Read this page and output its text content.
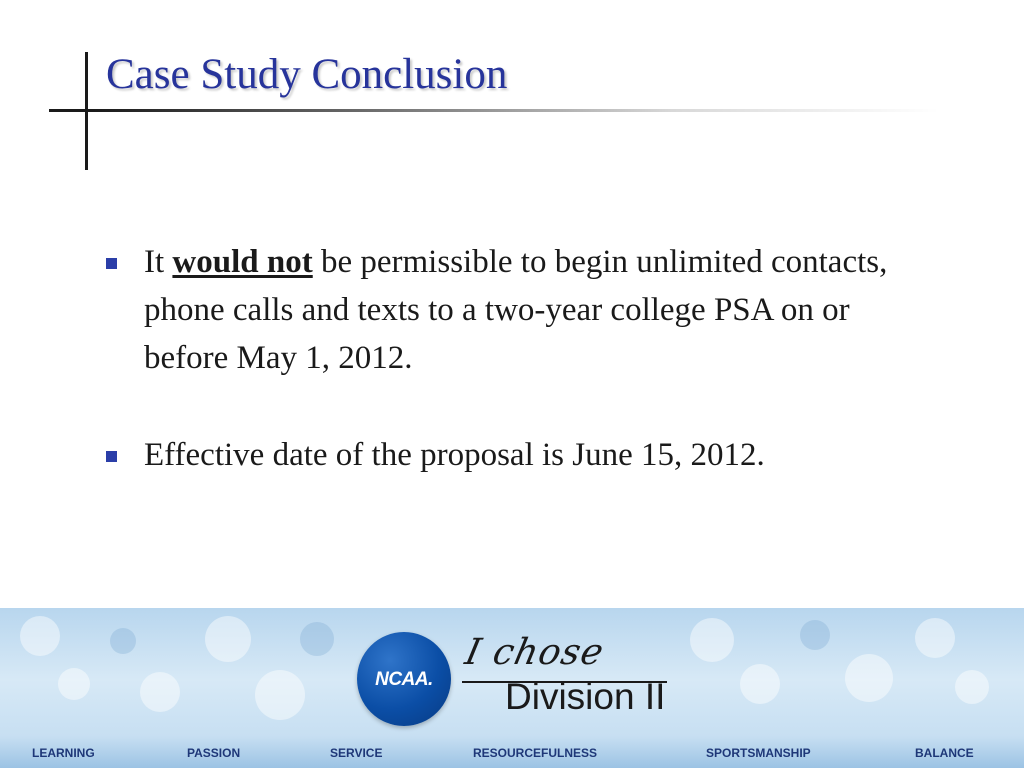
Case Study Conclusion
It would not be permissible to begin unlimited contacts, phone calls and texts to a two-year college PSA on or before May 1, 2012.
Effective date of the proposal is June 15, 2012.
NCAA.
I chose
Division II
LEARNING	PASSION	SERVICE	RESOURCEFULNESS	SPORTSMANSHIP	BALANCE
